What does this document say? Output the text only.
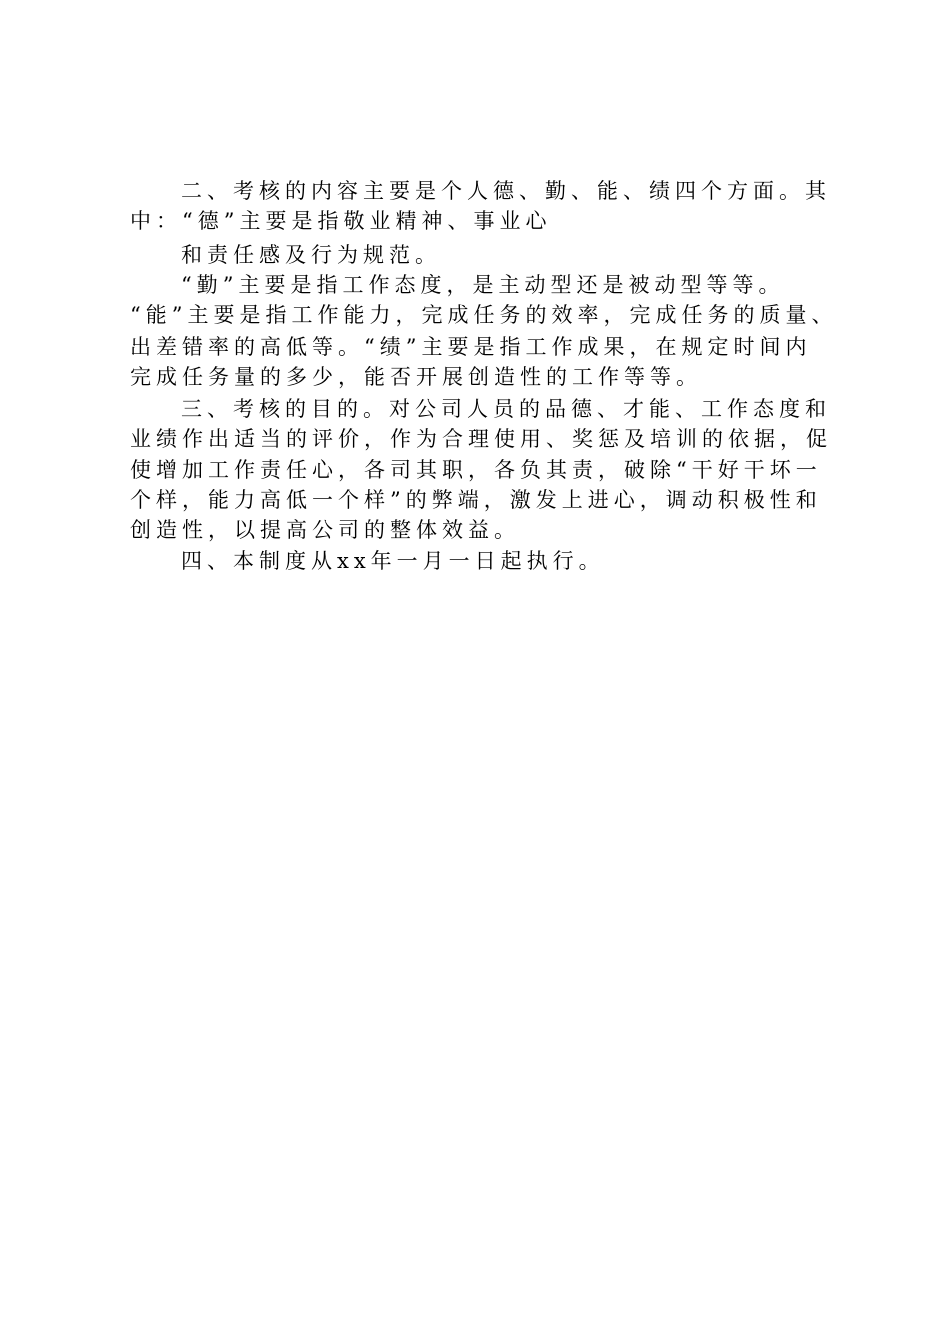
二、考核的内容主要是个人德、勤、能、绩四个方面。其
中：“德”主要是指敬业精神、事业心
和责任感及行为规范。
“勤”主要是指工作态度，是主动型还是被动型等等。
“能”主要是指工作能力，完成任务的效率，完成任务的质量、
出差错率的高低等。“绩”主要是指工作成果，在规定时间内
完成任务量的多少，能否开展创造性的工作等等。
三、考核的目的。对公司人员的品德、才能、工作态度和
业绩作出适当的评价，作为合理使用、奖惩及培训的依据，促
使增加工作责任心，各司其职，各负其责，破除“干好干坏一
个样，能力高低一个样”的弊端，激发上进心，调动积极性和
创造性，以提高公司的整体效益。
四、本制度从xx年一月一日起执行。
